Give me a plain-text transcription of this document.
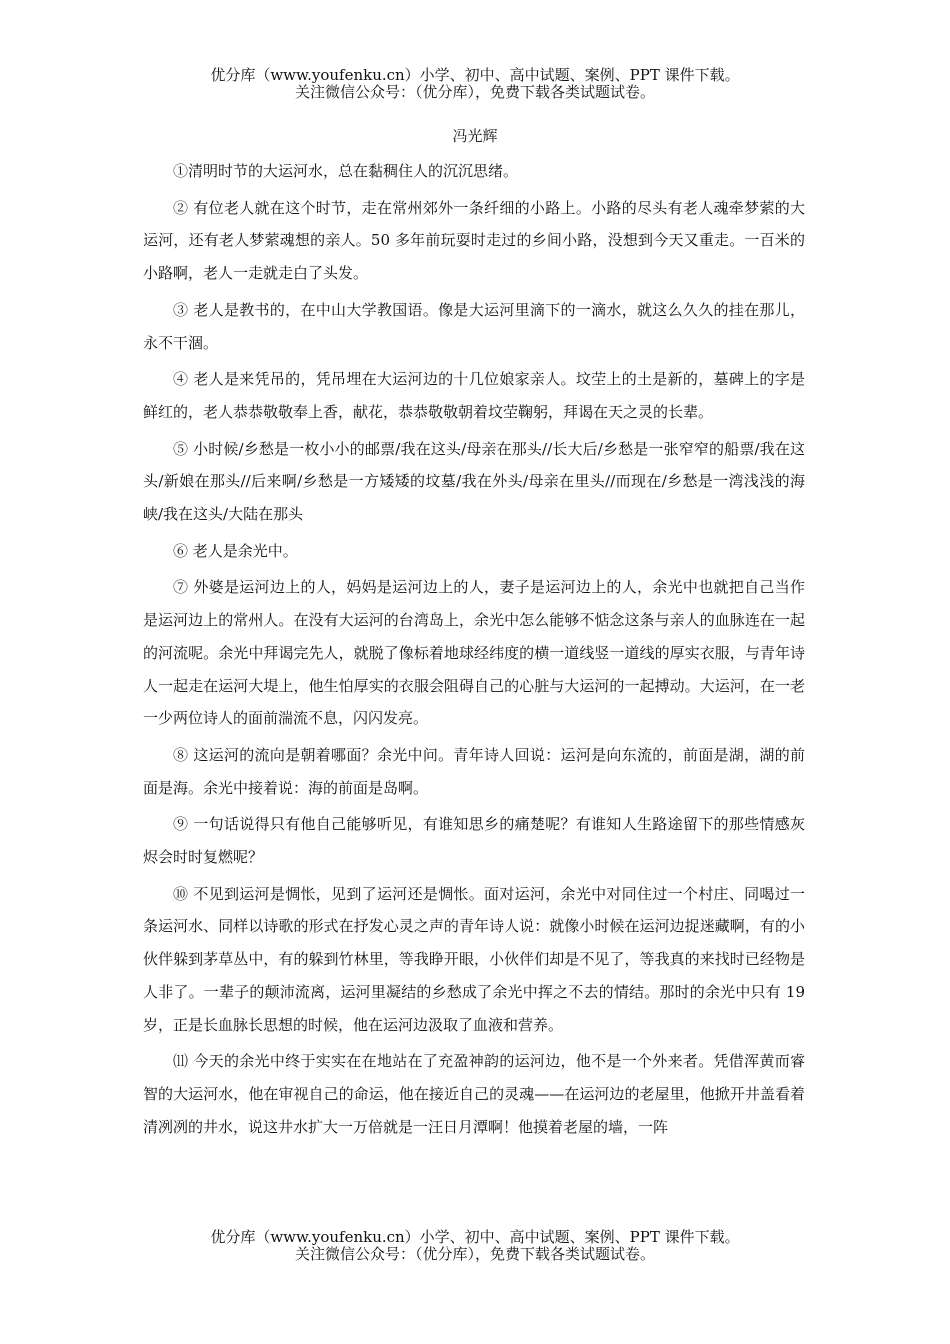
优分库（www.youfenku.cn）小学、初中、高中试题、案例、PPT 课件下载。
关注微信公众号：（优分库），免费下载各类试题试卷。
冯光辉

①清明时节的大运河水，总在黏稠住人的沉沉思绪。

② 有位老人就在这个时节，走在常州郊外一条纤细的小路上。小路的尽头有老人魂牵梦萦的大运河，还有老人梦萦魂想的亲人。50 多年前玩耍时走过的乡间小路，没想到今天又重走。一百米的小路啊，老人一走就走白了头发。

③ 老人是教书的，在中山大学教国语。像是大运河里滴下的一滴水，就这么久久的挂在那儿，永不干涸。

④ 老人是来凭吊的，凭吊埋在大运河边的十几位娘家亲人。坟茔上的土是新的，墓碑上的字是鲜红的，老人恭恭敬敬奉上香，献花，恭恭敬敬朝着坟茔鞠躬，拜谒在天之灵的长辈。

⑤ 小时候/乡愁是一枚小小的邮票/我在这头/母亲在那头//长大后/乡愁是一张窄窄的船票/我在这头/新娘在那头//后来啊/乡愁是一方矮矮的坟墓/我在外头/母亲在里头//而现在/乡愁是一湾浅浅的海峡/我在这头/大陆在那头

⑥ 老人是余光中。

⑦ 外婆是运河边上的人，妈妈是运河边上的人，妻子是运河边上的人，余光中也就把自己当作是运河边上的常州人。在没有大运河的台湾岛上，余光中怎么能够不惦念这条与亲人的血脉连在一起的河流呢。余光中拜谒完先人，就脱了像标着地球经纬度的横一道线竖一道线的厚实衣服，与青年诗人一起走在运河大堤上，他生怕厚实的衣服会阻碍自己的心脏与大运河的一起搏动。大运河，在一老一少两位诗人的面前湍流不息，闪闪发亮。

⑧ 这运河的流向是朝着哪面？余光中问。青年诗人回说：运河是向东流的，前面是湖，湖的前面是海。余光中接着说：海的前面是岛啊。

⑨ 一句话说得只有他自己能够听见，有谁知思乡的痛楚呢？有谁知人生路途留下的那些情感灰烬会时时复燃呢？

⑩ 不见到运河是惆怅，见到了运河还是惆怅。面对运河，余光中对同住过一个村庄、同喝过一条运河水、同样以诗歌的形式在抒发心灵之声的青年诗人说：就像小时候在运河边捉迷藏啊，有的小伙伴躲到茅草丛中，有的躲到竹林里，等我睁开眼，小伙伴们却是不见了，等我真的来找时已经物是人非了。一辈子的颠沛流离，运河里凝结的乡愁成了余光中挥之不去的情结。那时的余光中只有 19 岁，正是长血脉长思想的时候，他在运河边汲取了血液和营养。

⑾ 今天的余光中终于实实在在地站在了充盈神韵的运河边，他不是一个外来者。凭借浑黄而睿智的大运河水，他在审视自己的命运，他在接近自己的灵魂——在运河边的老屋里，他掀开井盖看着清冽冽的井水，说这井水扩大一万倍就是一汪日月潭啊！他摸着老屋的墙，一阵

优分库（www.youfenku.cn）小学、初中、高中试题、案例、PPT 课件下载。
关注微信公众号：（优分库），免费下载各类试题试卷。
